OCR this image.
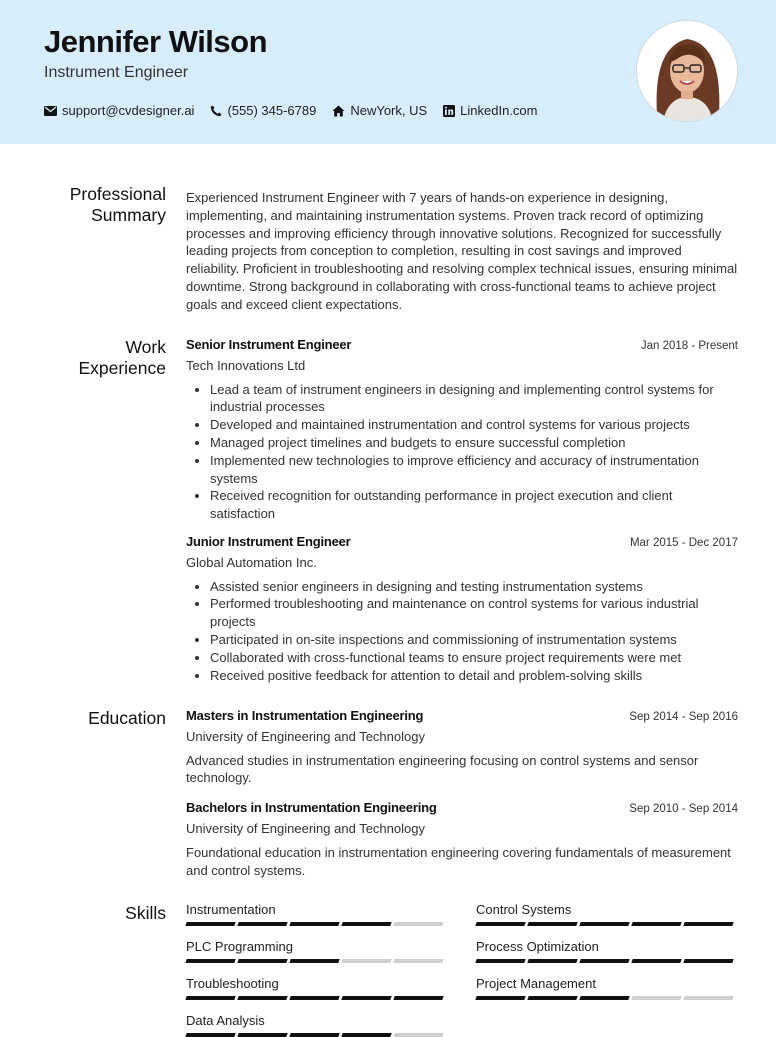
Jennifer Wilson
Instrument Engineer
support@cvdesigner.ai	(555) 345-6789	NewYork, US	LinkedIn.com
Professional Summary

Experienced Instrument Engineer with 7 years of hands-on experience in designing, implementing, and maintaining instrumentation systems. Proven track record of optimizing processes and improving efficiency through innovative solutions. Recognized for successfully leading projects from conception to completion, resulting in cost savings and improved reliability. Proficient in troubleshooting and resolving complex technical issues, ensuring minimal downtime. Strong background in collaborating with cross-functional teams to achieve project goals and exceed client expectations.

Work Experience
Senior Instrument Engineer	Jan 2018 - Present
Tech Innovations Ltd
• Lead a team of instrument engineers in designing and implementing control systems for industrial processes
• Developed and maintained instrumentation and control systems for various projects
• Managed project timelines and budgets to ensure successful completion
• Implemented new technologies to improve efficiency and accuracy of instrumentation systems
• Received recognition for outstanding performance in project execution and client satisfaction
Junior Instrument Engineer	Mar 2015 - Dec 2017
Global Automation Inc.
• Assisted senior engineers in designing and testing instrumentation systems
• Performed troubleshooting and maintenance on control systems for various industrial projects
• Participated in on-site inspections and commissioning of instrumentation systems
• Collaborated with cross-functional teams to ensure project requirements were met
• Received positive feedback for attention to detail and problem-solving skills
Education Masters in Instrumentation Engineering	Sep 2014 - Sep 2016
University of Engineering and Technology
Advanced studies in instrumentation engineering focusing on control systems and sensor technology.
Bachelors in Instrumentation Engineering	Sep 2010 - Sep 2014
University of Engineering and Technology
Foundational education in instrumentation engineering covering fundamentals of measurement and control systems.
Skills Instrumentation	Control Systems
PLC Programming	Process Optimization
Troubleshooting	Project Management
Data Analysis
